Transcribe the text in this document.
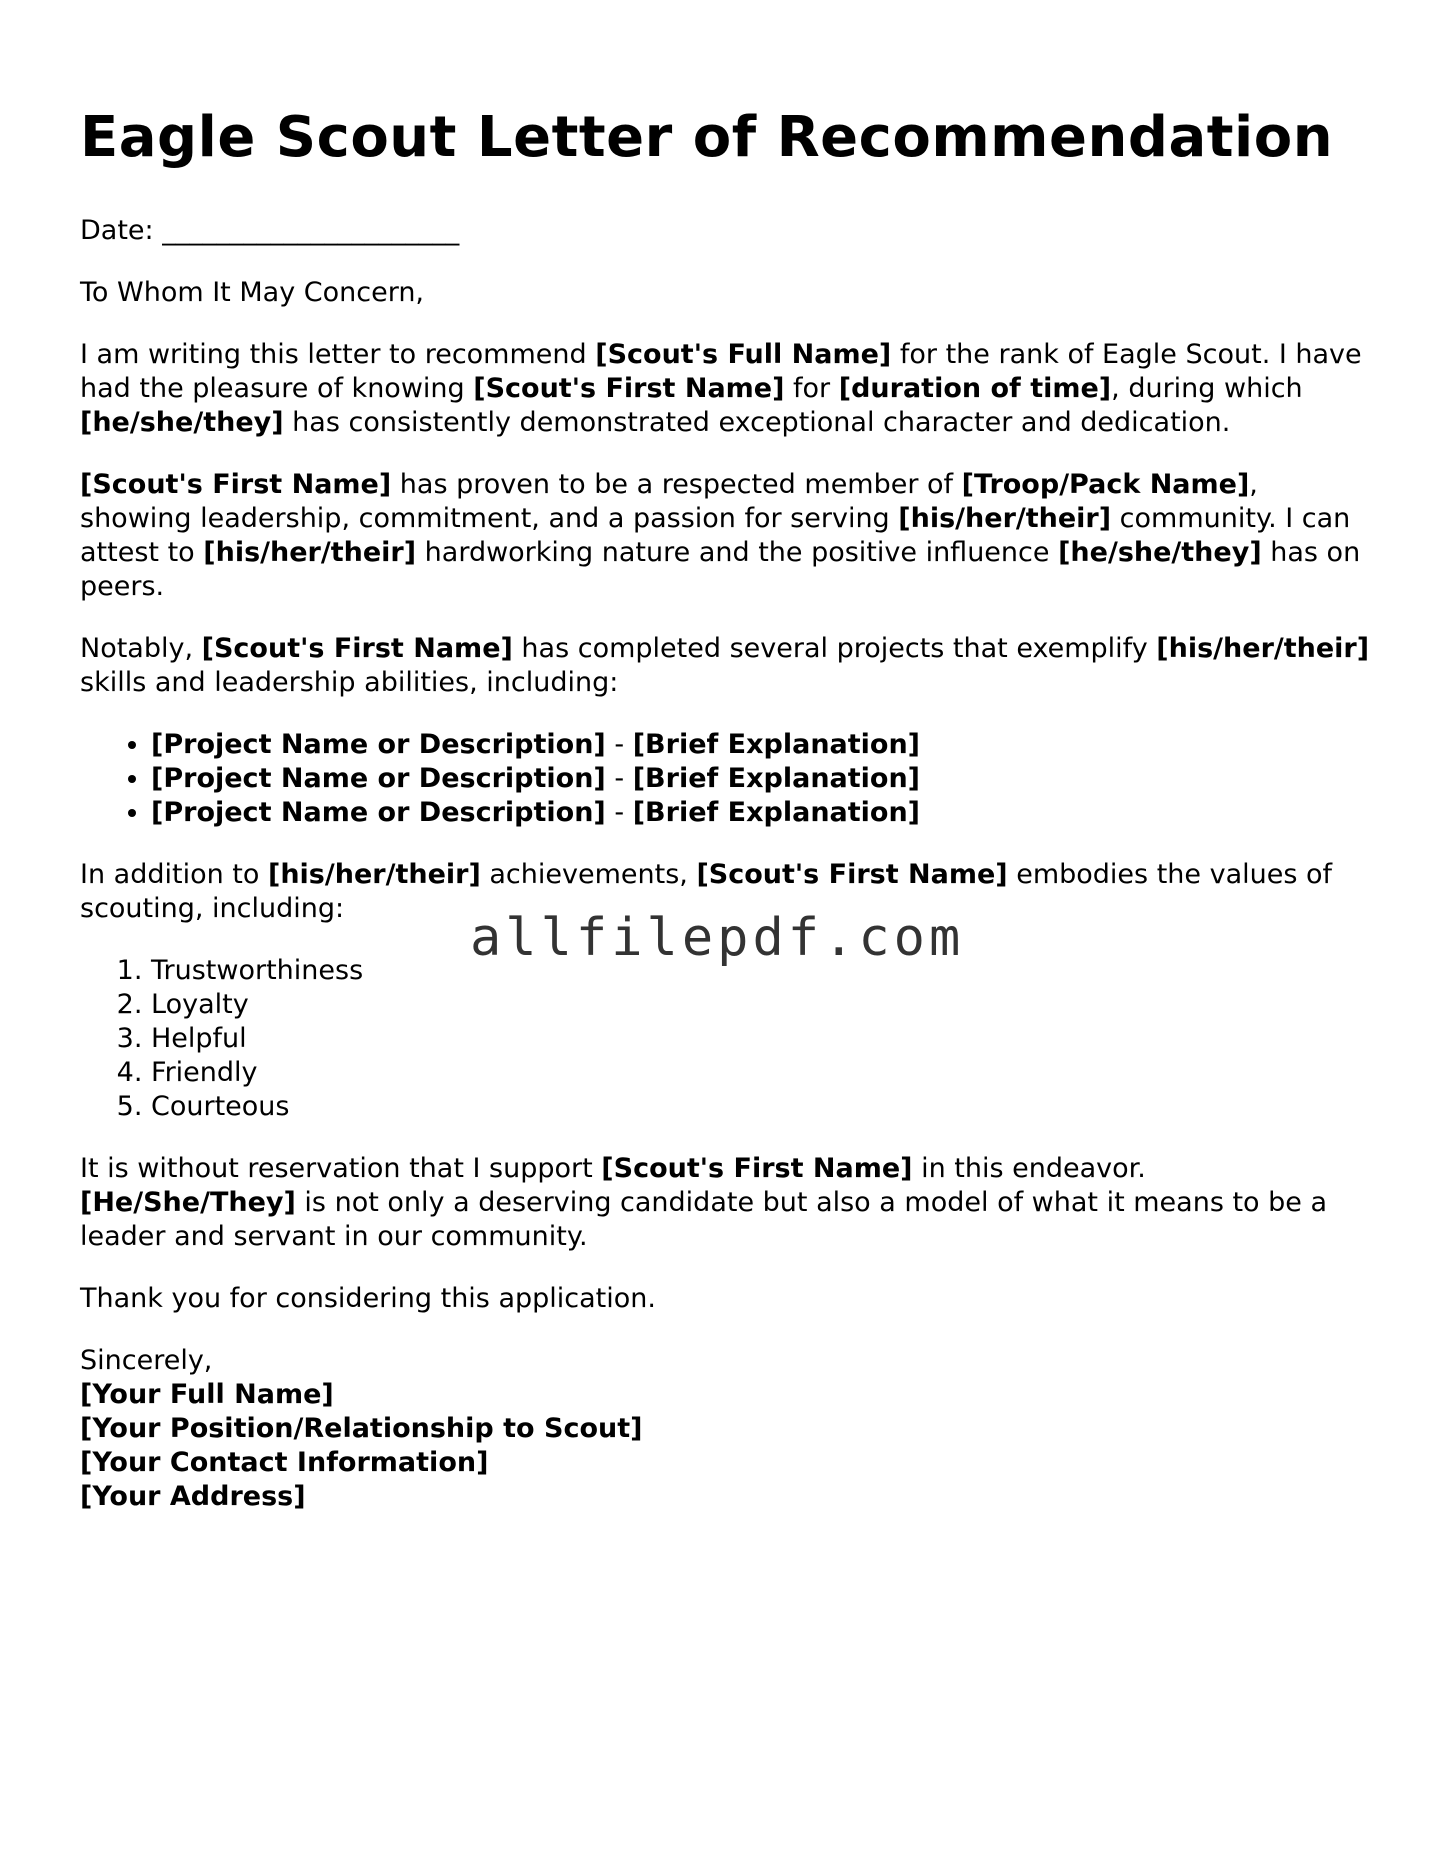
Eagle Scout Letter of Recommendation

Date: ______________________

To Whom It May Concern,

I am writing this letter to recommend [Scout's Full Name] for the rank of Eagle Scout. I have had the pleasure of knowing [Scout's First Name] for [duration of time], during which [he/she/they] has consistently demonstrated exceptional character and dedication.

[Scout's First Name] has proven to be a respected member of [Troop/Pack Name], showing leadership, commitment, and a passion for serving [his/her/their] community. I can attest to [his/her/their] hardworking nature and the positive influence [he/she/they] has on peers.

Notably, [Scout's First Name] has completed several projects that exemplify [his/her/their] skills and leadership abilities, including:

• [Project Name or Description] - [Brief Explanation]
• [Project Name or Description] - [Brief Explanation]
• [Project Name or Description] - [Brief Explanation]

In addition to [his/her/their] achievements, [Scout's First Name] embodies the values of scouting, including:

1. Trustworthiness
2. Loyalty
3. Helpful
4. Friendly
5. Courteous

It is without reservation that I support [Scout's First Name] in this endeavor. [He/She/They] is not only a deserving candidate but also a model of what it means to be a leader and servant in our community.

Thank you for considering this application.

Sincerely,
[Your Full Name]
[Your Position/Relationship to Scout]
[Your Contact Information]
[Your Address]

allfilepdf.com
